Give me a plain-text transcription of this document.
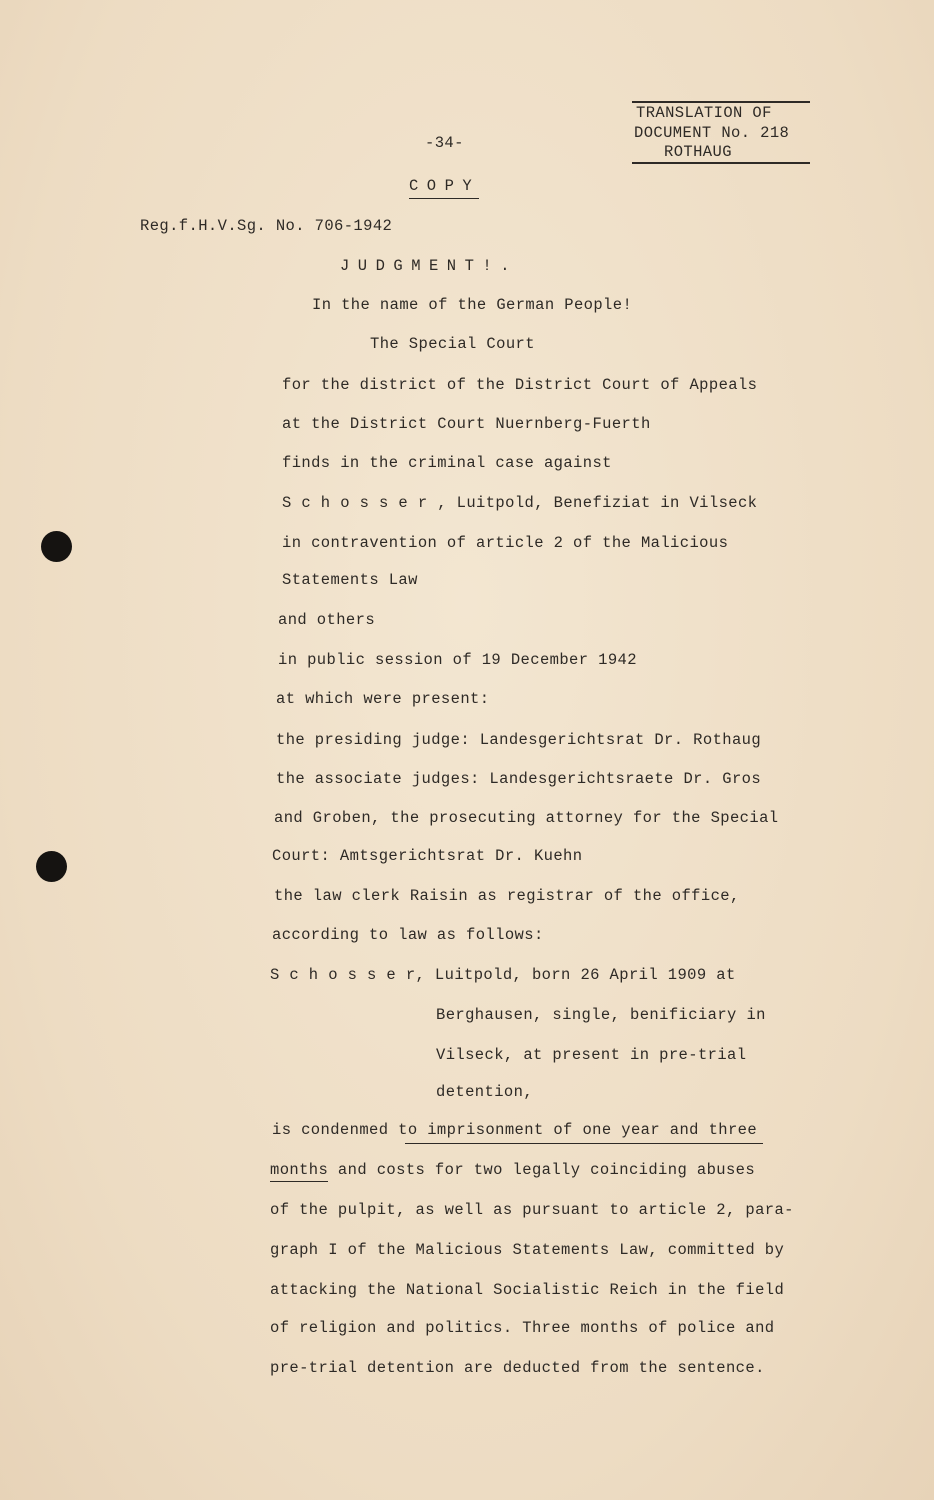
TRANSLATION OF
DOCUMENT No. 218
ROTHAUG
-34-
COPY
Reg.f.H.V.Sg. No. 706-1942
JUDGMENT!.
In the name of the German People!
The Special Court
for the district of the District Court of Appeals
at the District Court Nuernberg-Fuerth
finds in the criminal case against
S c h o s s e r , Luitpold, Benefiziat in Vilseck
in contravention of article 2 of the Malicious
Statements Law
and others
in public session of 19 December 1942
at which were present:
the presiding judge: Landesgerichtsrat Dr. Rothaug
the associate judges: Landesgerichtsraete Dr. Gros
and Groben, the prosecuting attorney for the Special
Court: Amtsgerichtsrat Dr. Kuehn
the law clerk Raisin as registrar of the office,
according to law as follows:
S c h o s s e r, Luitpold, born 26 April 1909 at
Berghausen, single, benificiary in
Vilseck, at present in pre-trial
detention,
is condenmed to imprisonment of one year and three
months and costs for two legally coinciding abuses
of the pulpit, as well as pursuant to article 2, para-
graph I of the Malicious Statements Law, committed by
attacking the National Socialistic Reich in the field
of religion and politics. Three months of police and
pre-trial detention are deducted from the sentence.
